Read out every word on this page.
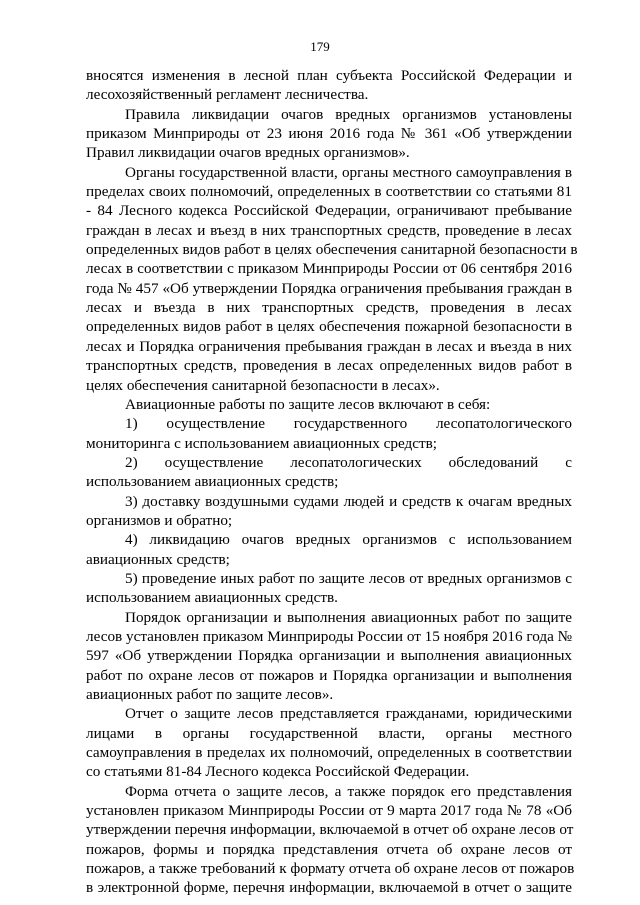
179
вносятся изменения в лесной план субъекта Российской Федерации и
лесохозяйственный регламент лесничества.
Правила ликвидации очагов вредных организмов установлены
приказом Минприроды от 23 июня 2016 года № 361 «Об утверждении
Правил ликвидации очагов вредных организмов».
Органы государственной власти, органы местного самоуправления в
пределах своих полномочий, определенных в соответствии со статьями 81
- 84 Лесного кодекса Российской Федерации, ограничивают пребывание
граждан в лесах и въезд в них транспортных средств, проведение в лесах
определенных видов работ в целях обеспечения санитарной безопасности в
лесах в соответствии с приказом Минприроды России от 06 сентября 2016
года № 457 «Об утверждении Порядка ограничения пребывания граждан в
лесах и въезда в них транспортных средств, проведения в лесах
определенных видов работ в целях обеспечения пожарной безопасности в
лесах и Порядка ограничения пребывания граждан в лесах и въезда в них
транспортных средств, проведения в лесах определенных видов работ в
целях обеспечения санитарной безопасности в лесах».
Авиационные работы по защите лесов включают в себя:
1) осуществление государственного лесопатологического
мониторинга с использованием авиационных средств;
2) осуществление лесопатологических обследований с
использованием авиационных средств;
3) доставку воздушными судами людей и средств к очагам вредных
организмов и обратно;
4) ликвидацию очагов вредных организмов с использованием
авиационных средств;
5) проведение иных работ по защите лесов от вредных организмов с
использованием авиационных средств.
Порядок организации и выполнения авиационных работ по защите
лесов установлен приказом Минприроды России от 15 ноября 2016 года №
597 «Об утверждении Порядка организации и выполнения авиационных
работ по охране лесов от пожаров и Порядка организации и выполнения
авиационных работ по защите лесов».
Отчет о защите лесов представляется гражданами, юридическими
лицами в органы государственной власти, органы местного
самоуправления в пределах их полномочий, определенных в соответствии
со статьями 81-84 Лесного кодекса Российской Федерации.
Форма отчета о защите лесов, а также порядок его представления
установлен приказом Минприроды России от 9 марта 2017 года № 78 «Об
утверждении перечня информации, включаемой в отчет об охране лесов от
пожаров, формы и порядка представления отчета об охране лесов от
пожаров, а также требований к формату отчета об охране лесов от пожаров
в электронной форме, перечня информации, включаемой в отчет о защите
